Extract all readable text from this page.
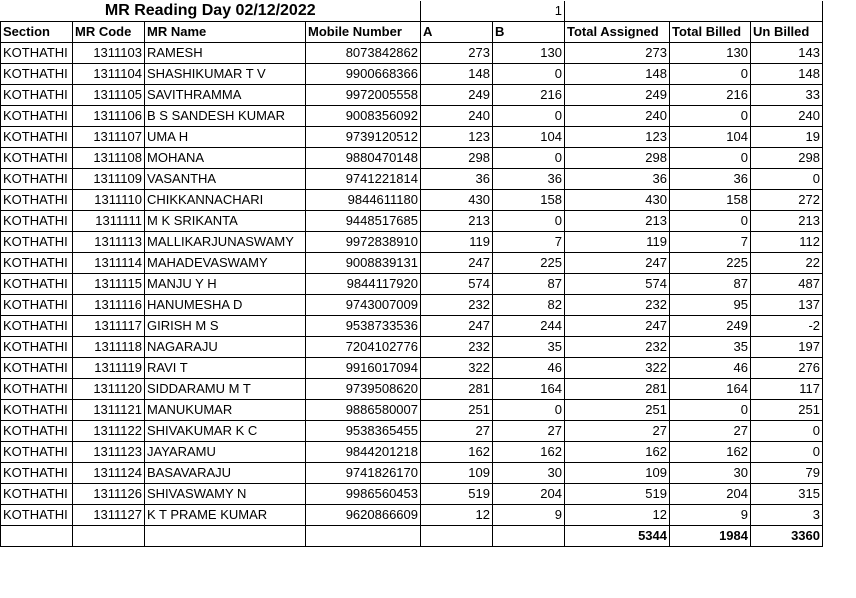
MR Reading Day 02/12/2022					1			
Section	MR Code	MR Name	Mobile Number	A	B	Total Assigned	Total Billed	Un Billed
KOTHATHI	1311103	RAMESH	8073842862	273	130	273	130	143
KOTHATHI	1311104	SHASHIKUMAR T V	9900668366	148	0	148	0	148
KOTHATHI	1311105	SAVITHRAMMA	9972005558	249	216	249	216	33
KOTHATHI	1311106	B S SANDESH KUMAR	9008356092	240	0	240	0	240
KOTHATHI	1311107	UMA H	9739120512	123	104	123	104	19
KOTHATHI	1311108	MOHANA	9880470148	298	0	298	0	298
KOTHATHI	1311109	VASANTHA	9741221814	36	36	36	36	0
KOTHATHI	1311110	CHIKKANNACHARI	9844611180	430	158	430	158	272
KOTHATHI	1311111	M K SRIKANTA	9448517685	213	0	213	0	213
KOTHATHI	1311113	MALLIKARJUNASWAMY	9972838910	119	7	119	7	112
KOTHATHI	1311114	MAHADEVASWAMY	9008839131	247	225	247	225	22
KOTHATHI	1311115	MANJU Y H	9844117920	574	87	574	87	487
KOTHATHI	1311116	HANUMESHA D	9743007009	232	82	232	95	137
KOTHATHI	1311117	GIRISH M S	9538733536	247	244	247	249	-2
KOTHATHI	1311118	NAGARAJU	7204102776	232	35	232	35	197
KOTHATHI	1311119	RAVI T	9916017094	322	46	322	46	276
KOTHATHI	1311120	SIDDARAMU M T	9739508620	281	164	281	164	117
KOTHATHI	1311121	MANUKUMAR	9886580007	251	0	251	0	251
KOTHATHI	1311122	SHIVAKUMAR K C	9538365455	27	27	27	27	0
KOTHATHI	1311123	JAYARAMU	9844201218	162	162	162	162	0
KOTHATHI	1311124	BASAVARAJU	9741826170	109	30	109	30	79
KOTHATHI	1311126	SHIVASWAMY N	9986560453	519	204	519	204	315
KOTHATHI	1311127	K T PRAME KUMAR	9620866609	12	9	12	9	3
						5344	1984	3360
